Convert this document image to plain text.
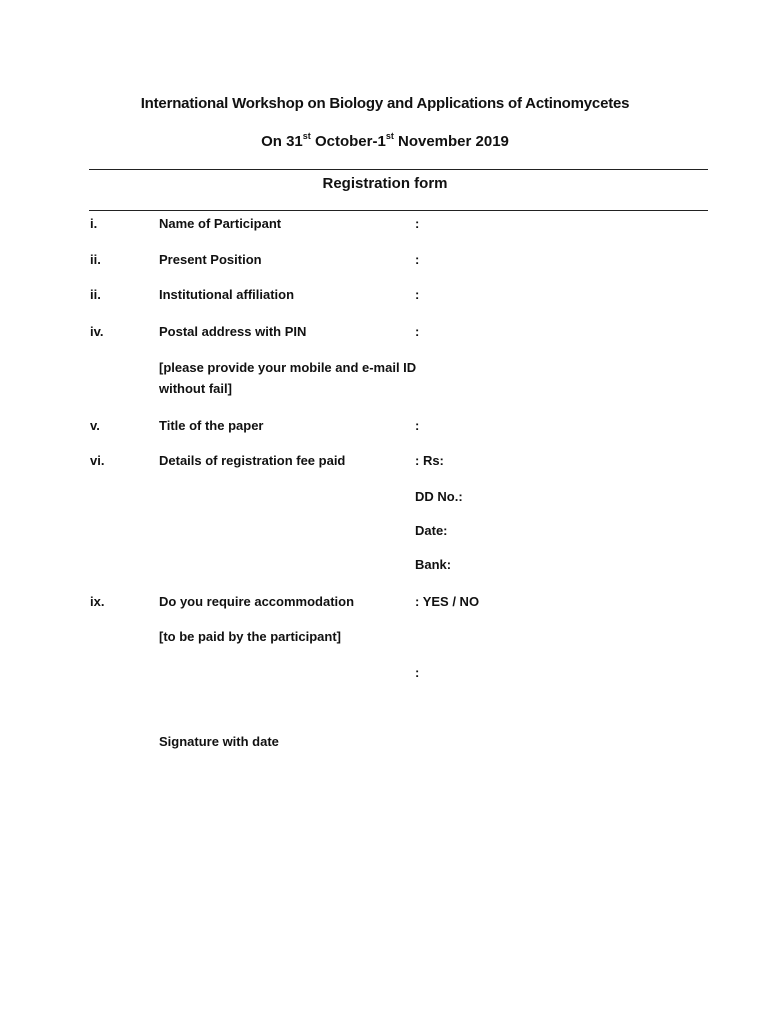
International Workshop on Biology and Applications of Actinomycetes
On 31st October-1st November 2019
Registration form
i.	Name of Participant	:
ii.	Present Position	:
ii.	Institutional affiliation	:
iv.	Postal address with PIN	:
[please provide your mobile and e-mail ID without fail]
v.	Title of the paper	:
vi.	Details of registration fee paid	: Rs:
DD No.:
Date:
Bank:
ix.	Do you require accommodation	: YES / NO
[to be paid by the participant]
:
Signature with date
